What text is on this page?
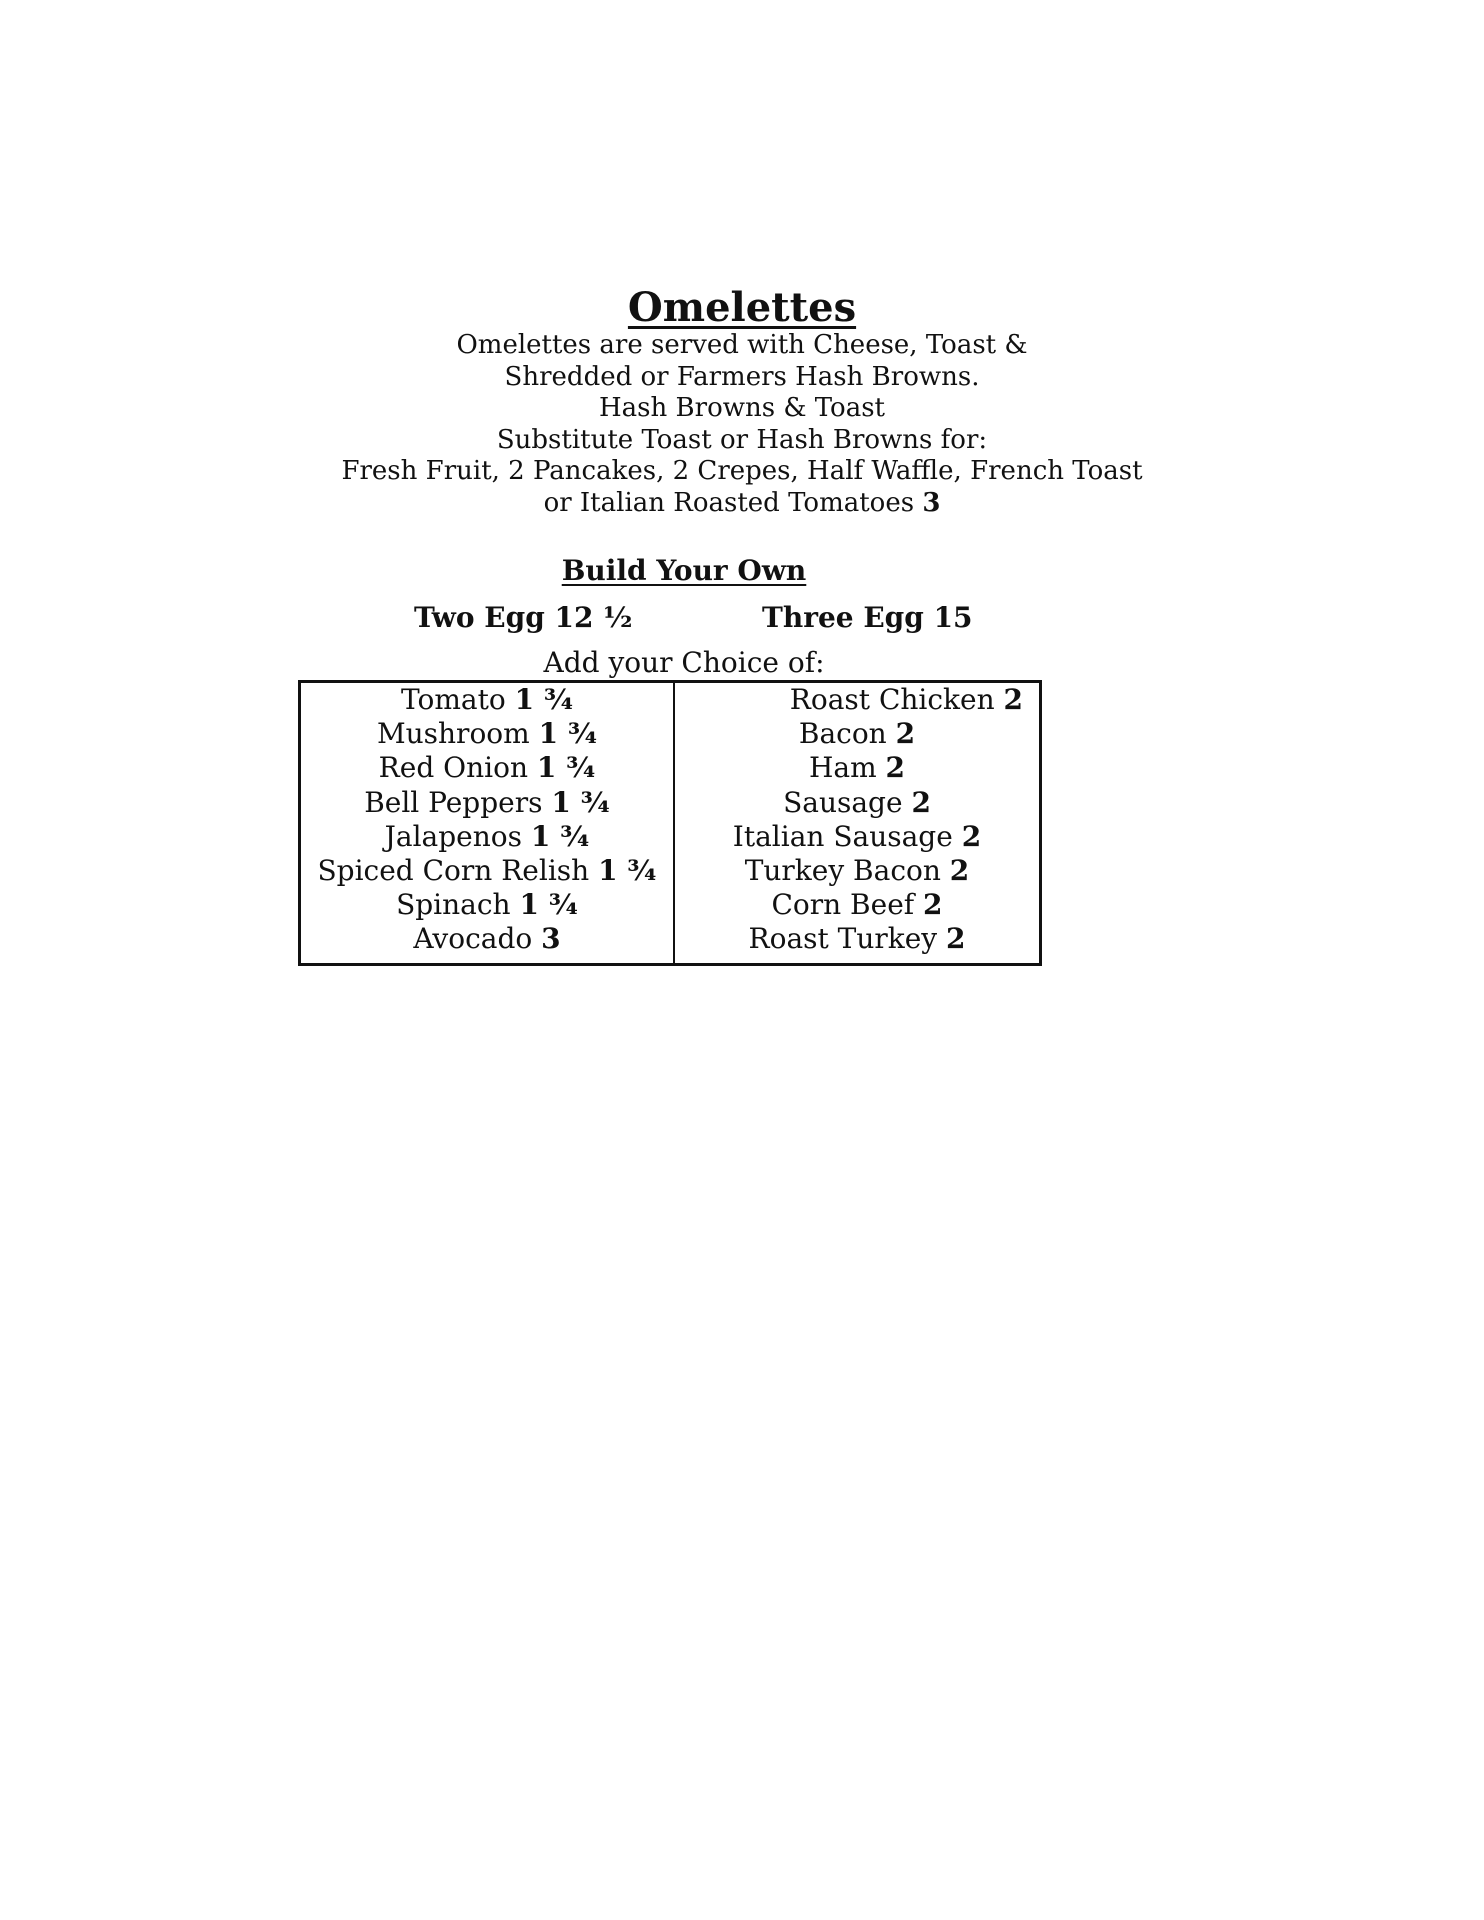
Omelettes
Omelettes are served with Cheese, Toast &
Shredded or Farmers Hash Browns.
Hash Browns & Toast
Substitute Toast or Hash Browns for:
Fresh Fruit, 2 Pancakes, 2 Crepes, Half Waffle, French Toast
or Italian Roasted Tomatoes 3
Build Your Own
Two Egg 12 ½	Three Egg 15
Add your Choice of:
Tomato 1 ¾
Mushroom 1 ¾
Red Onion 1 ¾
Bell Peppers 1 ¾
Jalapenos 1 ¾
Spiced Corn Relish 1 ¾
Spinach 1 ¾
Avocado 3
Roast Chicken 2
Bacon 2
Ham 2
Sausage 2
Italian Sausage 2
Turkey Bacon 2
Corn Beef 2
Roast Turkey 2
